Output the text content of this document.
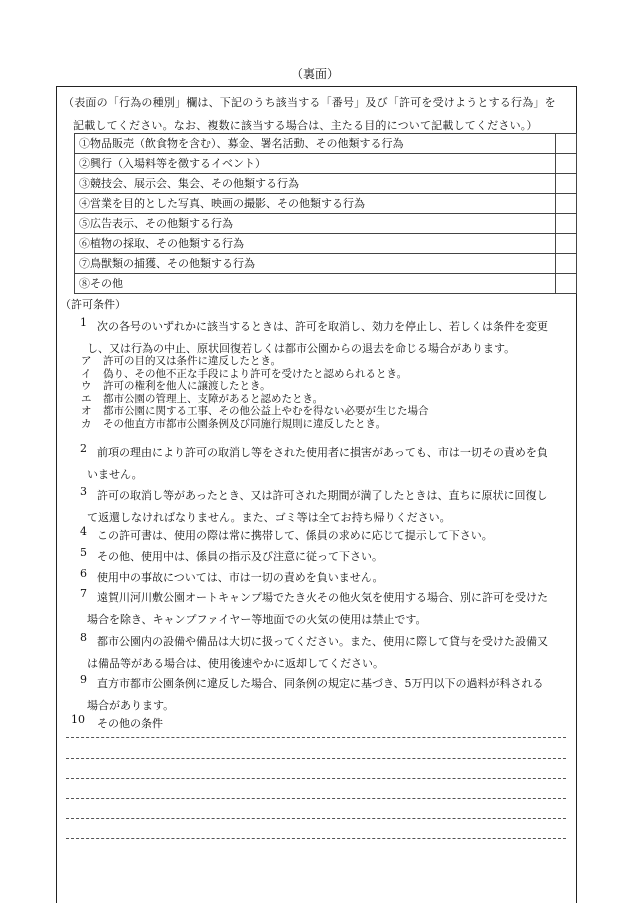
（裏面）
（表面の「行為の種別」欄は、下記のうち該当する「番号」及び「許可を受けようとする行為」を
記載してください。なお、複数に該当する場合は、主たる目的について記載してください。）
①物品販売（飲食物を含む）、募金、署名活動、その他類する行為	
②興行（入場料等を徴するイベント）	
③競技会、展示会、集会、その他類する行為	
④営業を目的とした写真、映画の撮影、その他類する行為	
⑤広告表示、その他類する行為	
⑥植物の採取、その他類する行為	
⑦鳥獣類の捕獲、その他類する行為	
⑧その他	
（許可条件）
1 次の各号のいずれかに該当するときは、許可を取消し、効力を停止し、若しくは条件を変更
し、又は行為の中止、原状回復若しくは都市公園からの退去を命じる場合があります。
ア 許可の目的又は条件に違反したとき。
イ 偽り、その他不正な手段により許可を受けたと認められるとき。
ウ 許可の権利を他人に譲渡したとき。
エ 都市公園の管理上、支障があると認めたとき。
オ 都市公園に関する工事、その他公益上やむを得ない必要が生じた場合
カ その他直方市都市公園条例及び同施行規則に違反したとき。
2 前項の理由により許可の取消し等をされた使用者に損害があっても、市は一切その責めを負
いません。
3 許可の取消し等があったとき、又は許可された期間が満了したときは、直ちに原状に回復し
て返還しなければなりません。また、ゴミ等は全てお持ち帰りください。
4 この許可書は、使用の際は常に携帯して、係員の求めに応じて提示して下さい。
5 その他、使用中は、係員の指示及び注意に従って下さい。
6 使用中の事故については、市は一切の責めを負いません。
7 遠賀川河川敷公園オートキャンプ場でたき火その他火気を使用する場合、別に許可を受けた
場合を除き、キャンプファイヤー等地面での火気の使用は禁止です。
8 都市公園内の設備や備品は大切に扱ってください。また、使用に際して貸与を受けた設備又
は備品等がある場合は、使用後速やかに返却してください。
9 直方市都市公園条例に違反した場合、同条例の規定に基づき、5万円以下の過料が科される
場合があります。
10 その他の条件
